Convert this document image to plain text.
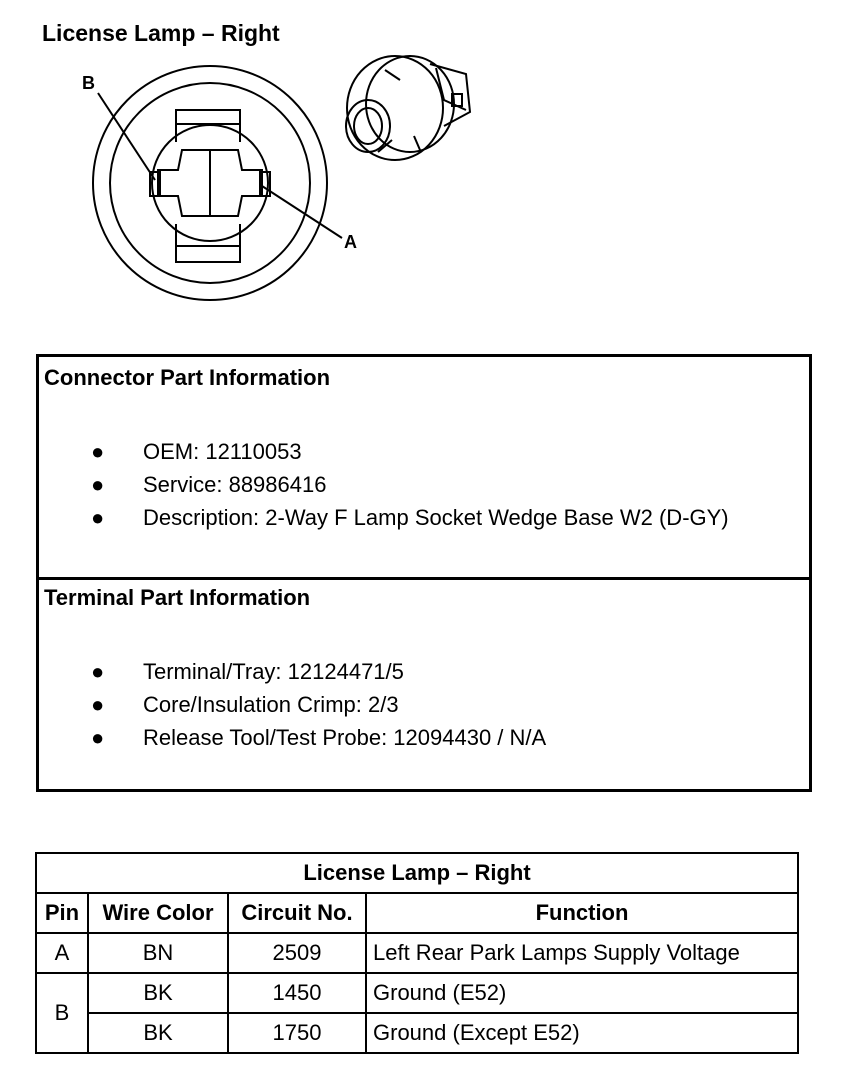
License Lamp – Right
B
A
Connector Part Information
● OEM: 12110053
● Service: 88986416
● Description: 2-Way F Lamp Socket Wedge Base W2 (D-GY)
Terminal Part Information
● Terminal/Tray: 12124471/5
● Core/Insulation Crimp: 2/3
● Release Tool/Test Probe: 12094430 / N/A
License Lamp – Right			
Pin	Wire Color	Circuit No.	Function
A	BN	2509	Left Rear Park Lamps Supply Voltage
B	BK	1450	Ground (E52)
	BK	1750	Ground (Except E52)
